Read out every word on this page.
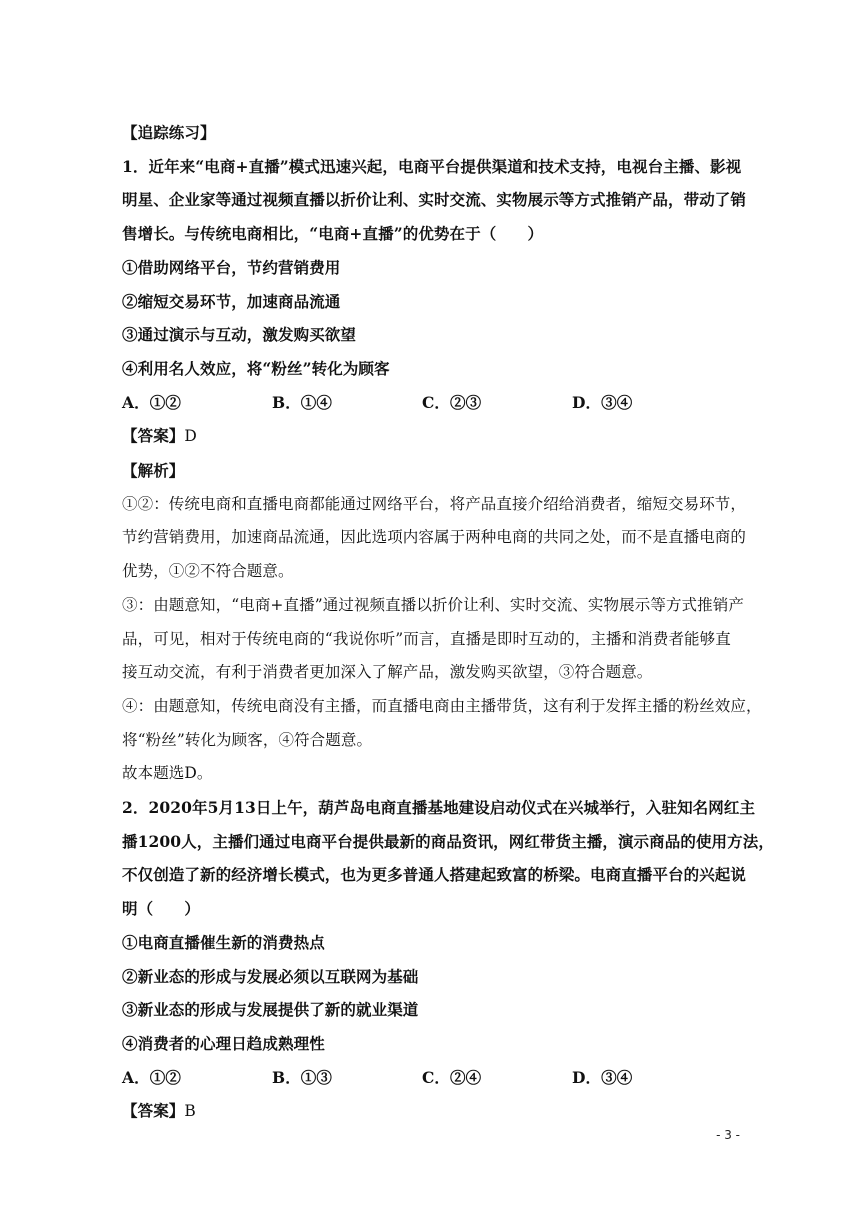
【追踪练习】
1．近年来“电商+直播”模式迅速兴起，电商平台提供渠道和技术支持，电视台主播、影视
明星、企业家等通过视频直播以折价让利、实时交流、实物展示等方式推销产品，带动了销
售增长。与传统电商相比，“电商+直播”的优势在于（　　）
①借助网络平台，节约营销费用
②缩短交易环节，加速商品流通
③通过演示与互动，激发购买欲望
④利用名人效应，将“粉丝”转化为顾客
A．①②	B．①④	C．②③	D．③④
【答案】D
【解析】
①②：传统电商和直播电商都能通过网络平台，将产品直接介绍给消费者，缩短交易环节，
节约营销费用，加速商品流通，因此选项内容属于两种电商的共同之处，而不是直播电商的
优势，①②不符合题意。
③：由题意知，“电商+直播”通过视频直播以折价让利、实时交流、实物展示等方式推销产
品，可见，相对于传统电商的“我说你听”而言，直播是即时互动的，主播和消费者能够直
接互动交流，有利于消费者更加深入了解产品，激发购买欲望，③符合题意。
④：由题意知，传统电商没有主播，而直播电商由主播带货，这有利于发挥主播的粉丝效应，
将“粉丝”转化为顾客，④符合题意。
故本题选D。
2．2020年5月13日上午，葫芦岛电商直播基地建设启动仪式在兴城举行，入驻知名网红主
播1200人，主播们通过电商平台提供最新的商品资讯，网红带货主播，演示商品的使用方法，
不仅创造了新的经济增长模式，也为更多普通人搭建起致富的桥梁。电商直播平台的兴起说
明（　　）
①电商直播催生新的消费热点
②新业态的形成与发展必须以互联网为基础
③新业态的形成与发展提供了新的就业渠道
④消费者的心理日趋成熟理性
A．①②	B．①③	C．②④	D．③④
【答案】B
- 3 -
